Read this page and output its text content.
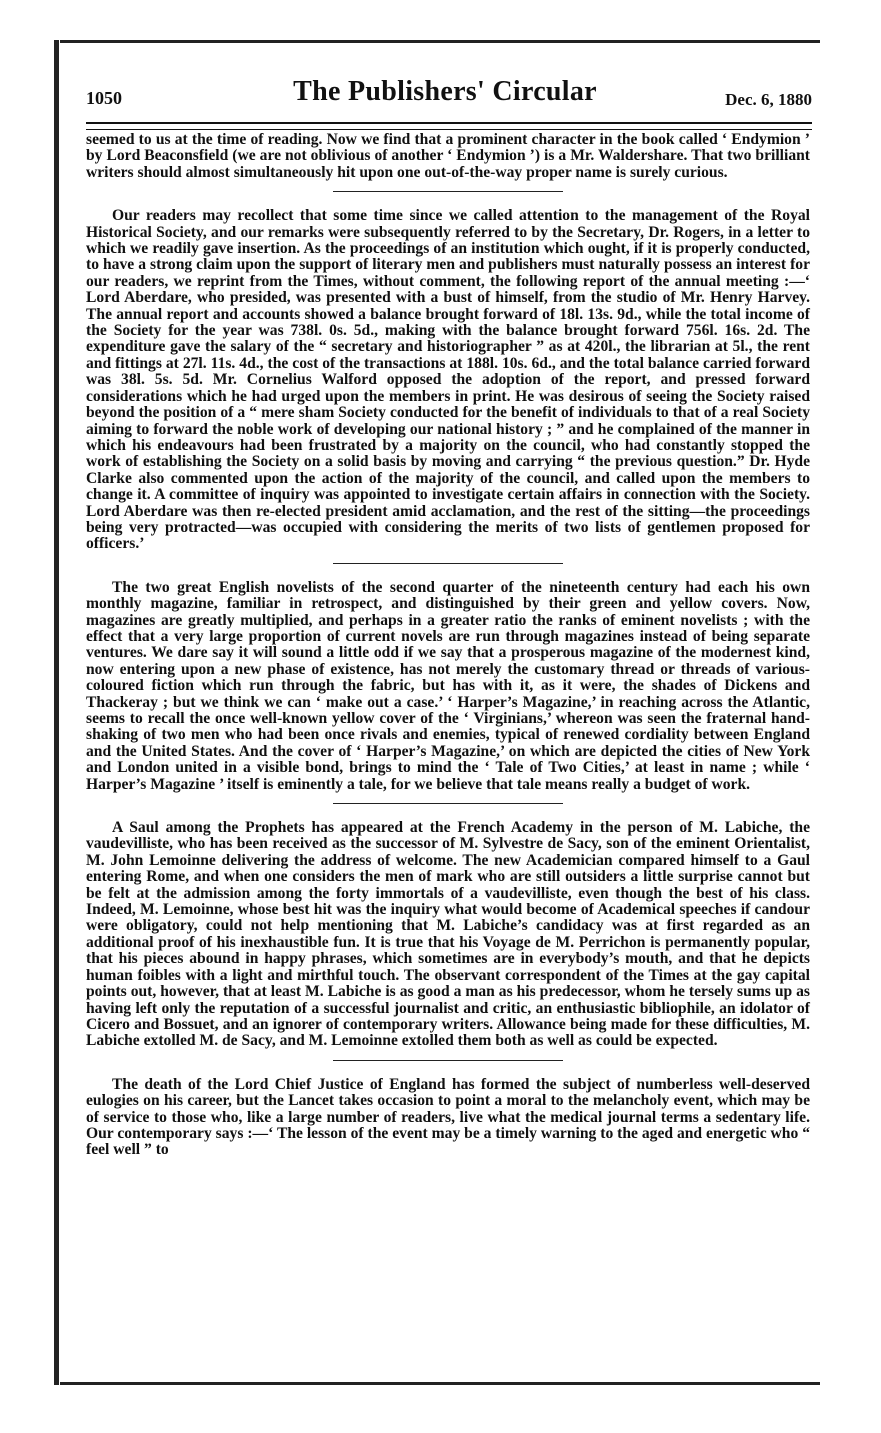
1050	The Publishers' Circular	Dec. 6, 1880

seemed to us at the time of reading. Now we find that a prominent character in the book called ‘ Endymion ’ by Lord Beaconsfield (we are not oblivious of another ‘ Endymion ’) is a Mr. Waldershare. That two brilliant writers should almost simultaneously hit upon one out-of-the-way proper name is surely curious.

Our readers may recollect that some time since we called attention to the management of the Royal Historical Society, and our remarks were subsequently referred to by the Secretary, Dr. Rogers, in a letter to which we readily gave insertion. As the proceedings of an institution which ought, if it is properly conducted, to have a strong claim upon the support of literary men and publishers must naturally possess an interest for our readers, we reprint from the Times, without comment, the following report of the annual meeting :—‘ Lord Aberdare, who presided, was presented with a bust of himself, from the studio of Mr. Henry Harvey. The annual report and accounts showed a balance brought forward of 18l. 13s. 9d., while the total income of the Society for the year was 738l. 0s. 5d., making with the balance brought forward 756l. 16s. 2d. The expenditure gave the salary of the “ secretary and historiographer ” as at 420l., the librarian at 5l., the rent and fittings at 27l. 11s. 4d., the cost of the transactions at 188l. 10s. 6d., and the total balance carried forward was 38l. 5s. 5d. Mr. Cornelius Walford opposed the adoption of the report, and pressed forward considerations which he had urged upon the members in print. He was desirous of seeing the Society raised beyond the position of a “ mere sham Society conducted for the benefit of individuals to that of a real Society aiming to forward the noble work of developing our national history ; ” and he complained of the manner in which his endeavours had been frustrated by a majority on the council, who had constantly stopped the work of establishing the Society on a solid basis by moving and carrying “ the previous question.” Dr. Hyde Clarke also commented upon the action of the majority of the council, and called upon the members to change it. A committee of inquiry was appointed to investigate certain affairs in connection with the Society. Lord Aberdare was then re-elected president amid acclamation, and the rest of the sitting—the proceedings being very protracted—was occupied with considering the merits of two lists of gentlemen proposed for officers.’

The two great English novelists of the second quarter of the nineteenth century had each his own monthly magazine, familiar in retrospect, and distinguished by their green and yellow covers. Now, magazines are greatly multiplied, and perhaps in a greater ratio the ranks of eminent novelists ; with the effect that a very large proportion of current novels are run through magazines instead of being separate ventures. We dare say it will sound a little odd if we say that a prosperous magazine of the modernest kind, now entering upon a new phase of existence, has not merely the customary thread or threads of various-coloured fiction which run through the fabric, but has with it, as it were, the shades of Dickens and Thackeray ; but we think we can ‘ make out a case.’ ‘ Harper’s Magazine,’ in reaching across the Atlantic, seems to recall the once well-known yellow cover of the ‘ Virginians,’ whereon was seen the fraternal hand-shaking of two men who had been once rivals and enemies, typical of renewed cordiality between England and the United States. And the cover of ‘ Harper’s Magazine,’ on which are depicted the cities of New York and London united in a visible bond, brings to mind the ‘ Tale of Two Cities,’ at least in name ; while ‘ Harper’s Magazine ’ itself is eminently a tale, for we believe that tale means really a budget of work.

A Saul among the Prophets has appeared at the French Academy in the person of M. Labiche, the vaudevilliste, who has been received as the successor of M. Sylvestre de Sacy, son of the eminent Orientalist, M. John Lemoinne delivering the address of welcome. The new Academician compared himself to a Gaul entering Rome, and when one considers the men of mark who are still outsiders a little surprise cannot but be felt at the admission among the forty immortals of a vaudevilliste, even though the best of his class. Indeed, M. Lemoinne, whose best hit was the inquiry what would become of Academical speeches if candour were obligatory, could not help mentioning that M. Labiche’s candidacy was at first regarded as an additional proof of his inexhaustible fun. It is true that his Voyage de M. Perrichon is permanently popular, that his pieces abound in happy phrases, which sometimes are in everybody’s mouth, and that he depicts human foibles with a light and mirthful touch. The observant correspondent of the Times at the gay capital points out, however, that at least M. Labiche is as good a man as his predecessor, whom he tersely sums up as having left only the reputation of a successful journalist and critic, an enthusiastic bibliophile, an idolator of Cicero and Bossuet, and an ignorer of contemporary writers. Allowance being made for these difficulties, M. Labiche extolled M. de Sacy, and M. Lemoinne extolled them both as well as could be expected.

The death of the Lord Chief Justice of England has formed the subject of numberless well-deserved eulogies on his career, but the Lancet takes occasion to point a moral to the melancholy event, which may be of service to those who, like a large number of readers, live what the medical journal terms a sedentary life. Our contemporary says :—‘ The lesson of the event may be a timely warning to the aged and energetic who “ feel well ” to
